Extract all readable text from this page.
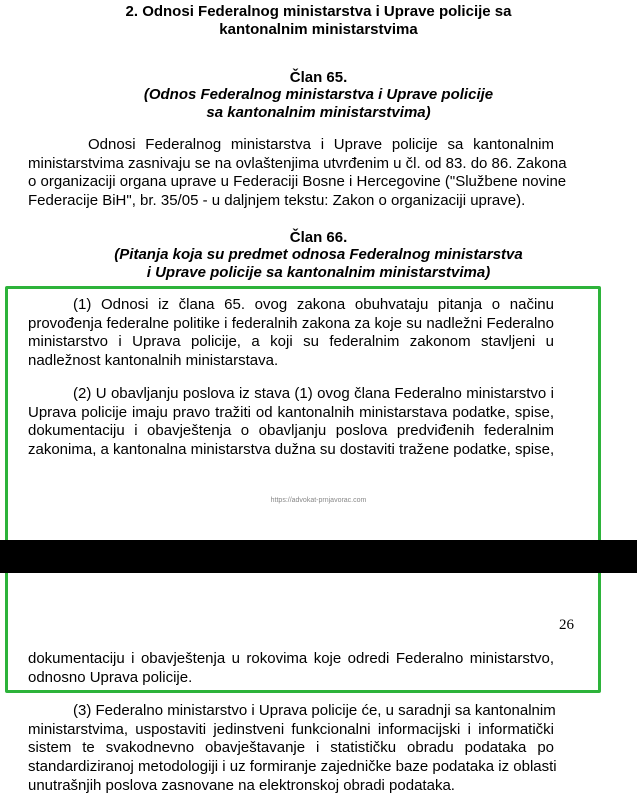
2. Odnosi Federalnog ministarstva i Uprave policije sa
kantonalnim ministarstvima
Član 65.
(Odnos Federalnog ministarstva i Uprave policije
sa kantonalnim ministarstvima)
Odnosi Federalnog ministarstva i Uprave policije sa kantonalnim
ministarstvima zasnivaju se na ovlaštenjima utvrđenim u čl. od 83. do 86. Zakona
o organizaciji organa uprave u Federaciji Bosne i Hercegovine ("Službene novine
Federacije BiH", br. 35/05 - u daljnjem tekstu: Zakon o organizaciji uprave).
Član 66.
(Pitanja koja su predmet odnosa Federalnog ministarstva
i Uprave policije sa kantonalnim ministarstvima)
(1) Odnosi iz člana 65. ovog zakona obuhvataju pitanja o načinu
provođenja federalne politike i federalnih zakona za koje su nadležni Federalno
ministarstvo i Uprava policije, a koji su federalnim zakonom stavljeni u
nadležnost kantonalnih ministarstava.
(2) U obavljanju poslova iz stava (1) ovog člana Federalno ministarstvo i
Uprava policije imaju pravo tražiti od kantonalnih ministarstava podatke, spise,
dokumentaciju i obavještenja o obavljanju poslova predviđenih federalnim
zakonima, a kantonalna ministarstva dužna su dostaviti tražene podatke, spise,
https://advokat-prnjavorac.com
26
dokumentaciju i obavještenja u rokovima koje odredi Federalno ministarstvo,
odnosno Uprava policije.
(3) Federalno ministarstvo i Uprava policije će, u saradnji sa kantonalnim
ministarstvima, uspostaviti jedinstveni funkcionalni informacijski i informatički
sistem te svakodnevno obavještavanje i statističku obradu podataka po
standardiziranoj metodologiji i uz formiranje zajedničke baze podataka iz oblasti
unutrašnjih poslova zasnovane na elektronskoj obradi podataka.
